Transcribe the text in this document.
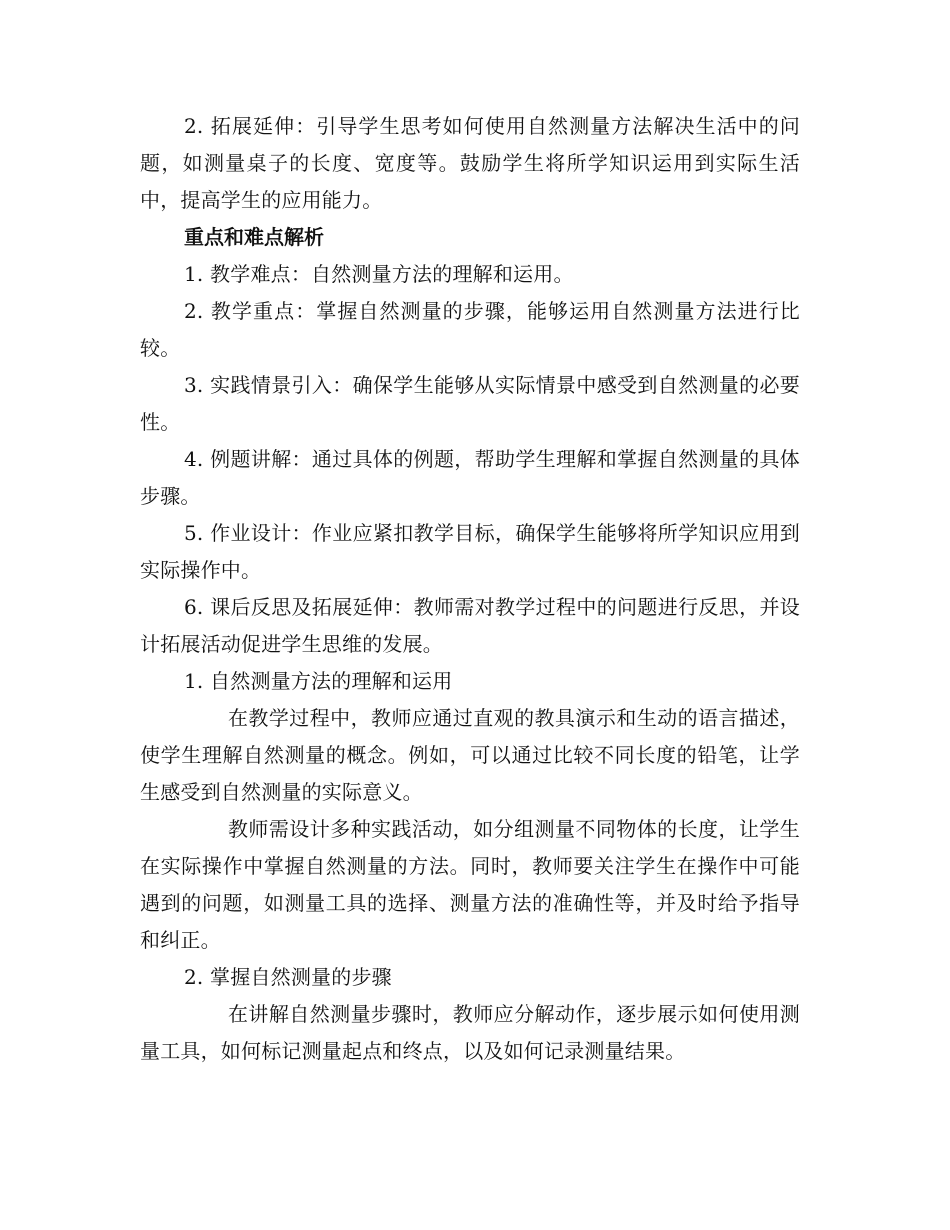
2. 拓展延伸：引导学生思考如何使用自然测量方法解决生活中的问题，如测量桌子的长度、宽度等。鼓励学生将所学知识运用到实际生活中，提高学生的应用能力。

重点和难点解析

1. 教学难点：自然测量方法的理解和运用。

2. 教学重点：掌握自然测量的步骤，能够运用自然测量方法进行比较。

3. 实践情景引入：确保学生能够从实际情景中感受到自然测量的必要性。

4. 例题讲解：通过具体的例题，帮助学生理解和掌握自然测量的具体步骤。

5. 作业设计：作业应紧扣教学目标，确保学生能够将所学知识应用到实际操作中。

6. 课后反思及拓展延伸：教师需对教学过程中的问题进行反思，并设计拓展活动促进学生思维的发展。

1. 自然测量方法的理解和运用

在教学过程中，教师应通过直观的教具演示和生动的语言描述，使学生理解自然测量的概念。例如，可以通过比较不同长度的铅笔，让学生感受到自然测量的实际意义。

教师需设计多种实践活动，如分组测量不同物体的长度，让学生在实际操作中掌握自然测量的方法。同时，教师要关注学生在操作中可能遇到的问题，如测量工具的选择、测量方法的准确性等，并及时给予指导和纠正。

2. 掌握自然测量的步骤

在讲解自然测量步骤时，教师应分解动作，逐步展示如何使用测量工具，如何标记测量起点和终点，以及如何记录测量结果。
